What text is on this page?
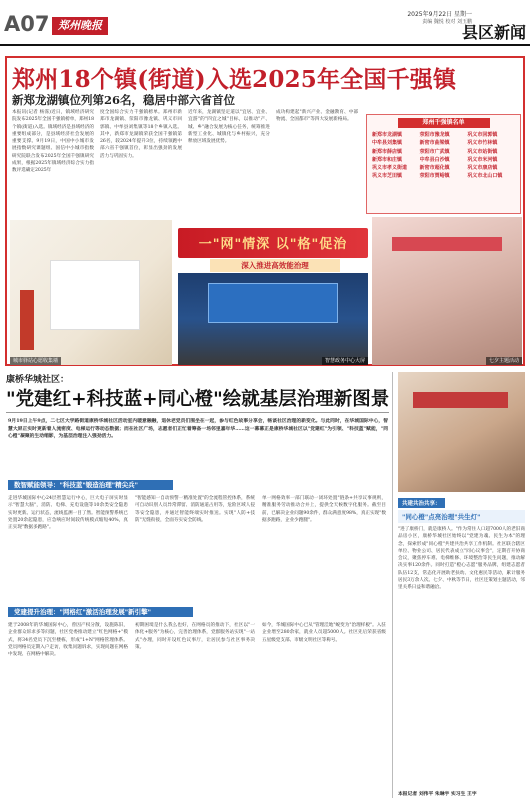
A07 郑州晚报
2025年9月22日 星期一
责编 魏悦 校对 刘玉鹏
县区新闻
郑州18个镇(街道)入选2025年全国千强镇
新郑龙湖镇位列第26名，稳居中部六省首位
本报讯(记者 杨霈)近日，镇域经济研究院发布2025年全国千强镇榜单，郑州18个镇(街道)入选。镇域经济是县域经济的重要组成部分，是县域经济社会发展的重要支撑。9月19日，中国中小城市发展指数研究课题组、国信中小城市指数研究院联合发布2025年全国千强镇研究成果，根据2025年镇域经济综合实力指数评选确定2025年
度全国综合实力千强镇榜单。郑州市新郑市龙湖镇、荥阳市豫龙镇、巩义市回郭镇、中牟县刘集镇等18个乡镇入选。其中，新郑市龙湖镇荣获全国千强镇第26名，较2024年提升3位，持续领跑中部六省千强镇首位，彰显出强劲的发展活力与巩固实力。
近年来，龙湖镇坚定道以"宜居、宜业、宜游"的"四宜之城"目标，以推动"产、城、乡"融合发展为核心任务，统筹推进新型工业化、城镇化与乡村振兴，充分释放区域发展优势。
成功构建起"新兴产业、金融教育、中部物流、全国都市"等四大发展新格局。	郑州千强镇名单
新郑市龙湖镇	荥阳市豫龙镇	巩义市回郭镇
中牟县刘集镇	新密市曲梁镇	巩义市竹林镇
新郑市薛店镇	荥阳市广武镇	巩义市站街镇
新郑市和庄镇	中牟县白沙镇	巩义市米河镇
巩义市孝义街道	新密市超化镇	巩义市康店镇
巩义市芝田镇	荥阳市贾峪镇	巩义市北山口镇
一"网"情深 以"格"促治
深入推进高效能治理
城市驿站心愿收集墙	智慧政务中心大屏	七夕主题活动
康桥华城社区：
"党建红+科技蓝+同心橙"绘就基层治理新图景
9月19日上午9点，二七区大学路街道康桥华城社区活动室内暖意融融，退休老党员们围坐在一起，参与红色故事分享会，畅谈社区治理的新变化。与此同时，在华城国际中心，智慧大屏正实时更新着人流密度、电梯运行等动态数据；而在社区广场，志愿者们正忙着筹备一场邻里嘉年华……这一幕幕正是康桥华城社区以"党建红"为引领、"科技蓝"赋能，"同心橙"凝聚的生动缩影，为基层治理注入强劲活力。
数智赋能领导："科技蓝"锻造治理"精尖兵"
走进华城国际中心24层智慧运行中心，巨大电子屏实时显示"智慧大脑"，消防、电梯、充电设施等10余类安全隐患实时更新。运行状态，流线监测一目了然。智能预警系统已处置20余起隐患，应急响应时间较传统模式缩短40%，真正实现"数据多跑路"。
"智能感知一自动预警一精准处置"的全流程管控体系，系统可自动识别人员异常滞留、消防通道占用等，危险区域人侵等安全隐患，并通过智能终端实时推送。实现"人防+技防"无缝衔接，全面夯实安全防线。
单一网格效率一部门联动一闭环处置"链条+共享议事规则，精准服务劳动推动合并上，提供全天候数字化服务。截至目前，已解决企业问题90余件，群众满意度98%，真正实现"数据多跑路，企业少跑腿"。
党建提升治理："网格红"激活治理发展"新引擎"
建于2008年的华城国际中心，曾因产权分散，设施陈旧，企业群众诉求多等问题，社区党委推动建立"红色网格+"模式，将34名党员下沉至楼栋，形成"1+N"网格管理体系。党员网格员定期入户走访，收集问题诉求，实现问题在网格中发现、在网格中解决。
初期困境是什么我么也好，在网格员的推动下，社区以"一体化+服务"为核心，完善治理体系，党群服务站实现"一站式"办理，同时开设红色议事厅，让居民参与社区事务决策。
如今，华城国际中心已从"管理洼地"蜕变为"治理样板"。入驻企业增至280余家，就业人员超5000人。社区先后荣获省级五星级党支部、市级文明社区等称号。
共建共治共享：
"同心橙"点亮治理"共生灯"
"进了康桥门，就是康桥人。"作为常住人口超7000人的老旧商品房小区，康桥华城社区始终以"党建为魂、民生为本"的理念，探索形成"同心橙"共建共治共享工作机制。社区联合辖区单位、物业公司、居民代表成立"同心议事会"，定期召开协商会议，聚焦停车难、电梯维修、环境整治等民生问题，推动解决实事120余件。同时打造"橙心志愿"服务品牌，组建志愿者队伍12支，常态化开展助老扶幼、文化惠民等活动，累计服务居民3万余人次。七夕、中秋等节日，社区还策划主题活动，邻里关系日益和谐融洽。
本报记者 刘伟平 朱琳宇 实习生 王宇
